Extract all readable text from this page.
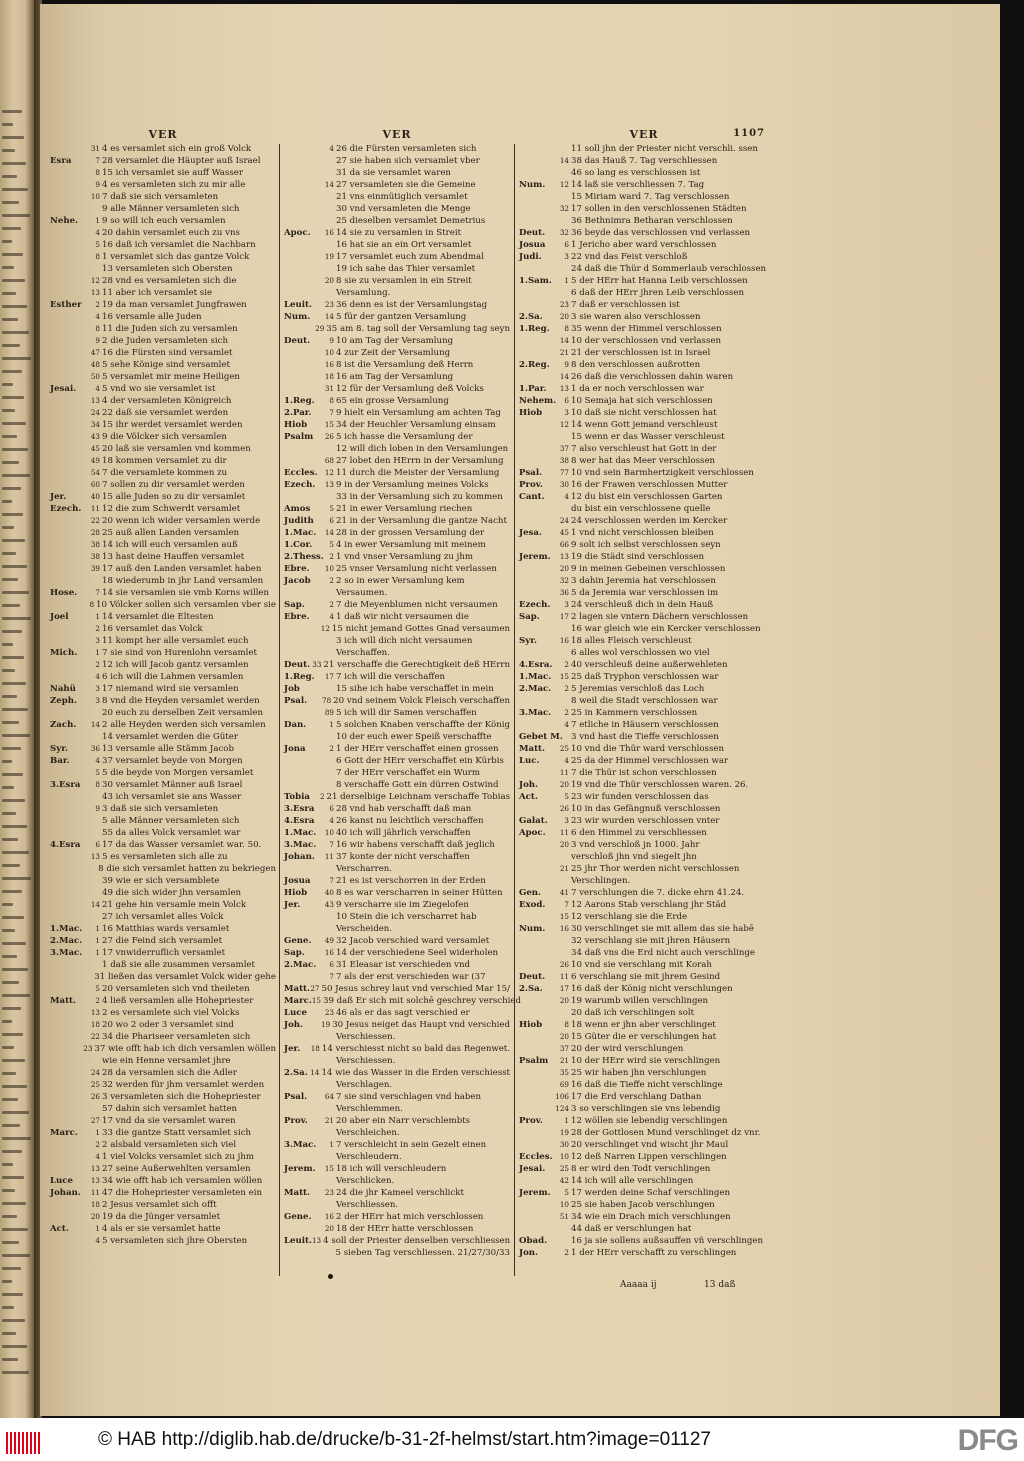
VER
31 4 es versamlet sich ein groß Volck
Esra	7 28 versamlet die Häupter auß Israel
8 15 ich versamlet sie auff Wasser
9 4 es versamleten sich zu mir alle
10 7 daß sie sich versamleten
9 alle Männer versamleten sich
Nehe.	1 9 so will ich euch versamlen
4 20 dahin versamlet euch zu vns
5 16 daß ich versamlet die Nachbarn
8 1 versamlet sich das gantze Volck
13 versamleten sich Obersten
12 28 vnd es versamleten sich die
13 11 aber ich versamlet sie
Esther	2 19 da man versamlet Jungfrawen
4 16 versamle alle Juden
8 11 die Juden sich zu versamlen
9 2 die Juden versamleten sich
47 16 die Fürsten sind versamlet
48 5 sehe Könige sind versamlet
50 5 versamlet mir meine Heiligen
Jesai.	4 5 vnd wo sie versamlet ist
13 4 der versamleten Königreich
24 22 daß sie versamlet werden
34 15 ihr werdet versamlet werden
43 9 die Völcker sich versamlen
45 20 laß sie versamlen vnd kommen
49 18 kommen versamlet zu dir
54 7 die versamlete kommen zu
60 7 sollen zu dir versamlet werden
Jer.	40 15 alle Juden so zu dir versamlet
Ezech.	11 12 die zum Schwerdt versamlet
22 20 wenn ich wider versamlen werde
28 25 auß allen Landen versamlen
38 14 ich will euch versamlen auß
38 13 hast deine Hauffen versamlet
39 17 auß den Landen versamlet haben
18 wiederumb in jhr Land versamlen
Hose.	7 14 sie versamlen sie vmb Korns willen
8 10 Völcker sollen sich versamlen vber sie
Joel	1 14 versamlet die Eltesten
2 16 versamlet das Volck
3 11 kompt her alle versamlet euch
Mich.	1 7 sie sind von Hurenlohn versamlet
2 12 ich will Jacob gantz versamlen
4 6 ich will die Lahmen versamlen
Nahü	3 17 niemand wird sie versamlen
Zeph.	3 8 vnd die Heyden versamlet werden
20 euch zu derselben Zeit versamlen
Zach.	14 2 alle Heyden werden sich versamlen
14 versamlet werden die Güter
Syr.	36 13 versamle alle Stämm Jacob
Bar.	4 37 versamlet beyde von Morgen
5 5 die beyde von Morgen versamlet
3.Esra	8 30 versamlet Männer auß Israel
43 ich versamlet sie ans Wasser
9 3 daß sie sich versamleten
5 alle Männer versamleten sich
55 da alles Volck versamlet war
4.Esra	6 17 da das Wasser versamlet war. 50.
13 5 es versamleten sich alle zu
8 die sich versamlet hatten zu bekriegen
39 wie er sich versamblete
49 die sich wider jhn versamlen
14 21 gehe hin versamle mein Volck
27 ich versamlet alles Volck
1.Mac.	1 16 Matthias wards versamlet
2.Mac.	1 27 die Feind sich versamlet
3.Mac.	1 17 vnwiderruflich versamlet
1 daß sie alle zusammen versamlet
31 ließen das versamlet Volck wider gehe
5 20 versamleten sich vnd theileten
Matt.	2 4 ließ versamlen alle Hohepriester
13 2 es versamlete sich viel Volcks
18 20 wo 2 oder 3 versamlet sind
22 34 die Phariseer versamleten sich
23 37 wie offt hab ich dich versamlen wöllen
wie ein Henne versamlet jhre
24 28 da versamlen sich die Adler
25 32 werden für jhm versamlet werden
26 3 versamleten sich die Hohepriester
57 dahin sich versamlet hatten
27 17 vnd da sie versamlet waren
Marc.	1 33 die gantze Statt versamlet sich
2 2 alsbald versamleten sich viel
4 1 viel Volcks versamlet sich zu jhm
13 27 seine Außerwehlten versamlen
Luce	13 34 wie offt hab ich versamlen wöllen
Johan.	11 47 die Hohepriester versamleten ein
18 2 Jesus versamlet sich offt
20 19 da die Jünger versamlet
Act.	1 4 als er sie versamlet hatte
4 5 versamleten sich jhre Obersten
VER
4 26 die Fürsten versamleten sich
27 sie haben sich versamlet vber
31 da sie versamlet waren
14 27 versamleten sie die Gemeine
21 vns einmütiglich versamlet
30 vnd versamleten die Menge
25 dieselben versamlet Demetrius
Apoc.	16 14 sie zu versamlen in Streit
16 hat sie an ein Ort versamlet
19 17 versamlet euch zum Abendmal
19 ich sahe das Thier versamlet
20 8 sie zu versamlen in ein Streit
Versamlung.
Leuit.	23 36 denn es ist der Versamlungstag
Num.	14 5 für der gantzen Versamlung
29 35 am 8. tag soll der Versamlung tag seyn
Deut.	9 10 am Tag der Versamlung
10 4 zur Zeit der Versamlung
16 8 ist die Versamlung deß Herrn
18 16 am Tag der Versamlung
31 12 für der Versamlung deß Volcks
1.Reg.	8 65 ein grosse Versamlung
2.Par.	7 9 hielt ein Versamlung am achten Tag
Hiob	15 34 der Heuchler Versamlung einsam
Psalm	26 5 ich hasse die Versamlung der
12 will dich loben in den Versamlungen
68 27 lobet den HErrn in der Versamlung
Eccles.	12 11 durch die Meister der Versamlung
Ezech.	13 9 in der Versamlung meines Volcks
33 in der Versamlung sich zu kommen
Amos	5 21 in ewer Versamlung riechen
Judith	6 21 in der Versamlung die gantze Nacht
1.Mac.	14 28 in der grossen Versamlung der
1.Cor.	5 4 in ewer Versamlung mit meinem
2.Thess. 2 1 vnd vnser Versamlung zu jhm
Ebre.	10 25 vnser Versamlung nicht verlassen
Jacob	2 2 so in ewer Versamlung kem
Versaumen.
Sap.	2 7 die Meyenblumen nicht versaumen
Ebre.	4 1 daß wir nicht versaumen die
12 15 nicht jemand Gottes Gnad versaumen
3 ich will dich nicht versaumen
Verschaffen.
Deut. 33 21 verschaffe die Gerechtigkeit deß HErrn
1.Reg.	17 7 ich will die verschaffen
Job	15 sihe ich habe verschaffet in mein
Psal.	78 20 vnd seinem Volck Fleisch verschaffen
89 5 ich will dir Samen verschaffen
Dan.	1 5 solchen Knaben verschaffte der König
10 der euch ewer Speiß verschaffte
Jona	2 1 der HErr verschaffet einen grossen
6 Gott der HErr verschaffet ein Kürbis
7 der HErr verschaffet ein Wurm
8 verschaffe Gott ein dürren Ostwind
Tobia	2 21 derselbige Leichnam verschaffe Tobias
3.Esra	6 28 vnd hab verschafft daß man
4.Esra	4 26 kanst nu leichtlich verschaffen
1.Mac.	10 40 ich will jährlich verschaffen
3.Mac.	7 16 wir habens verschafft daß jeglich
Johan.	11 37 konte der nicht verschaffen
Verscharren.
Josua	7 21 es ist verschorren in der Erden
Hiob	40 8 es war verscharren in seiner Hütten
Jer.	43 9 verscharre sie im Ziegelofen
10 Stein die ich verscharret hab
Verscheiden.
Gene.	49 32 Jacob verschied ward versamlet
Sap.	16 14 der verschiedene Seel widerholen
2.Mac.	6 31 Eleasar ist verschieden vnd
7 7 als der erst verschieden war (37
Matt. 27 50 Jesus schrey laut vnd verschied Mar 15/
Marc. 15 39 daß Er sich mit solchē geschrey verschied
Luce	23 46 als er das sagt verschied er
Joh.	19 30 Jesus neiget das Haupt vnd verschied
Verschiessen.
Jer.	18 14 verschiesst nicht so bald das Regenwet.
Verschiessen.
2.Sa. 14 14 wie das Wasser in die Erden verschiesst
Verschlagen.
Psal.	64 7 sie sind verschlagen vnd haben
Verschlemmen.
Prov.	21 20 aber ein Narr verschlembts
Verschleichen.
3.Mac.	1 7 verschleicht in sein Gezelt einen
Verschleudern.
Jerem.	15 18 ich will verschleudern
Verschlicken.
Matt.	23 24 die jhr Kameel verschlickt
Verschliessen.
Gene.	16 2 der HErr hat mich verschlossen
20 18 der HErr hatte verschlossen
Leuit. 13 4 soll der Priester denselben verschliessen
5 sieben Tag verschliessen. 21/27/30/33
VER	1107
11 soll jhn der Priester nicht verschli. ssen
14 38 das Hauß 7. Tag verschliessen
46 so lang es verschlossen ist
Num.	12 14 laß sie verschliessen 7. Tag
15 Miriam ward 7. Tag verschlossen
32 17 sollen in den verschlossenen Städten
36 Bethnimra Betharan verschlossen
Deut.	32 36 beyde das verschlossen vnd verlassen
Josua	6 1 Jericho aber ward verschlossen
Judi.	3 22 vnd das Feist verschloß
24 daß die Thür d Sommerlaub verschlossen
1.Sam.	1 5 der HErr hat Hanna Leib verschlossen
6 daß der HErr jhren Leib verschlossen
23 7 daß er verschlossen ist
2.Sa.	20 3 sie waren also verschlossen
1.Reg.	8 35 wenn der Himmel verschlossen
14 10 der verschlossen vnd verlassen
21 21 der verschlossen ist in Israel
2.Reg.	9 8 den verschlossen außrotten
14 26 daß die verschlossen dahin waren
1.Par.	13 1 da er noch verschlossen war
Nehem.	6 10 Semaja hat sich verschlossen
Hiob	3 10 daß sie nicht verschlossen hat
12 14 wenn Gott jemand verschleust
15 wenn er das Wasser verschleust
37 7 also verschleust hat Gott in der
38 8 wer hat das Meer verschlossen
Psal.	77 10 vnd sein Barmhertzigkeit verschlossen
Prov.	30 16 der Frawen verschlossen Mutter
Cant.	4 12 du bist ein verschlossen Garten
du bist ein verschlossene quelle
24 24 verschlossen werden im Kercker
Jesa.	45 1 vnd nicht verschlossen bleiben
66 9 solt ich selbst verschlossen seyn
Jerem.	13 19 die Städt sind verschlossen
20 9 in meinen Gebeinen verschlossen
32 3 dahin Jeremia hat verschlossen
36 5 da Jeremia war verschlossen im
Ezech.	3 24 verschleuß dich in dein Hauß
Sap.	17 2 lagen sie vntern Dächern verschlossen
16 war gleich wie ein Kercker verschlossen
Syr.	16 18 alles Fleisch verschleust
6 alles wol verschlossen wo viel
4.Esra.	2 40 verschleuß deine außerwehleten
1.Mac.	15 25 daß Tryphon verschlossen war
2.Mac.	2 5 Jeremias verschloß das Loch
8 weil die Stadt verschlossen war
3.Mac.	2 25 in Kammern verschlossen
4 7 etliche in Häusern verschlossen
Gebet M. 3 vnd hast die Tieffe verschlossen
Matt.	25 10 vnd die Thür ward verschlossen
Luc.	4 25 da der Himmel verschlossen war
11 7 die Thür ist schon verschlossen
Joh.	20 19 vnd die Thür verschlossen waren. 26.
Act.	5 23 wir funden verschlossen das
26 10 in das Gefängnuß verschlossen
Galat.	3 23 wir wurden verschlossen vnter
Apoc.	11 6 den Himmel zu verschliessen
20 3 vnd verschloß jn 1000. Jahr
verschloß jhn vnd siegelt jhn
21 25 jhr Thor werden nicht verschlossen
Verschlingen.
Gen.	41 7 verschlungen die 7. dicke ehrn 41.24.
Exod.	7 12 Aarons Stab verschlang jhr Städ
15 12 verschlang sie die Erde
Num.	16 30 verschlinget sie mit allem das sie habē
32 verschlang sie mit jhren Häusern
34 daß vns die Erd nicht auch verschlinge
26 10 vnd sie verschlang mit Korah
Deut.	11 6 verschlang sie mit jhrem Gesind
2.Sa.	17 16 daß der König nicht verschlungen
20 19 warumb willen verschlingen
20 daß ich verschlingen solt
Hiob	8 18 wenn er jhn aber verschlinget
20 15 Güter die er verschlungen hat
37 20 der wird verschlungen
Psalm	21 10 der HErr wird sie verschlingen
35 25 wir haben jhn verschlungen
69 16 daß die Tieffe nicht verschlinge
106 17 die Erd verschlang Dathan
124 3 so verschlingen sie vns lebendig
Prov.	1 12 wöllen sie lebendig verschlingen
19 28 der Gottlosen Mund verschlinget dz vnr.
30 20 verschlinget vnd wischt jhr Maul
Eccles.	10 12 deß Narren Lippen verschlingen
Jesai.	25 8 er wird den Todt verschlingen
42 14 ich will alle verschlingen
Jerem.	5 17 werden deine Schaf verschlingen
10 25 sie haben Jacob verschlungen
51 34 wie ein Drach mich verschlungen
44 daß er verschlungen hat
Obad.	16 ja sie sollens außsauffen vñ verschlingen
Jon.	2 1 der HErr verschafft zu verschlingen
Aaaaa ij	13 daß
© HAB http://diglib.hab.de/drucke/b-31-2f-helmst/start.htm?image=01127	DFG
